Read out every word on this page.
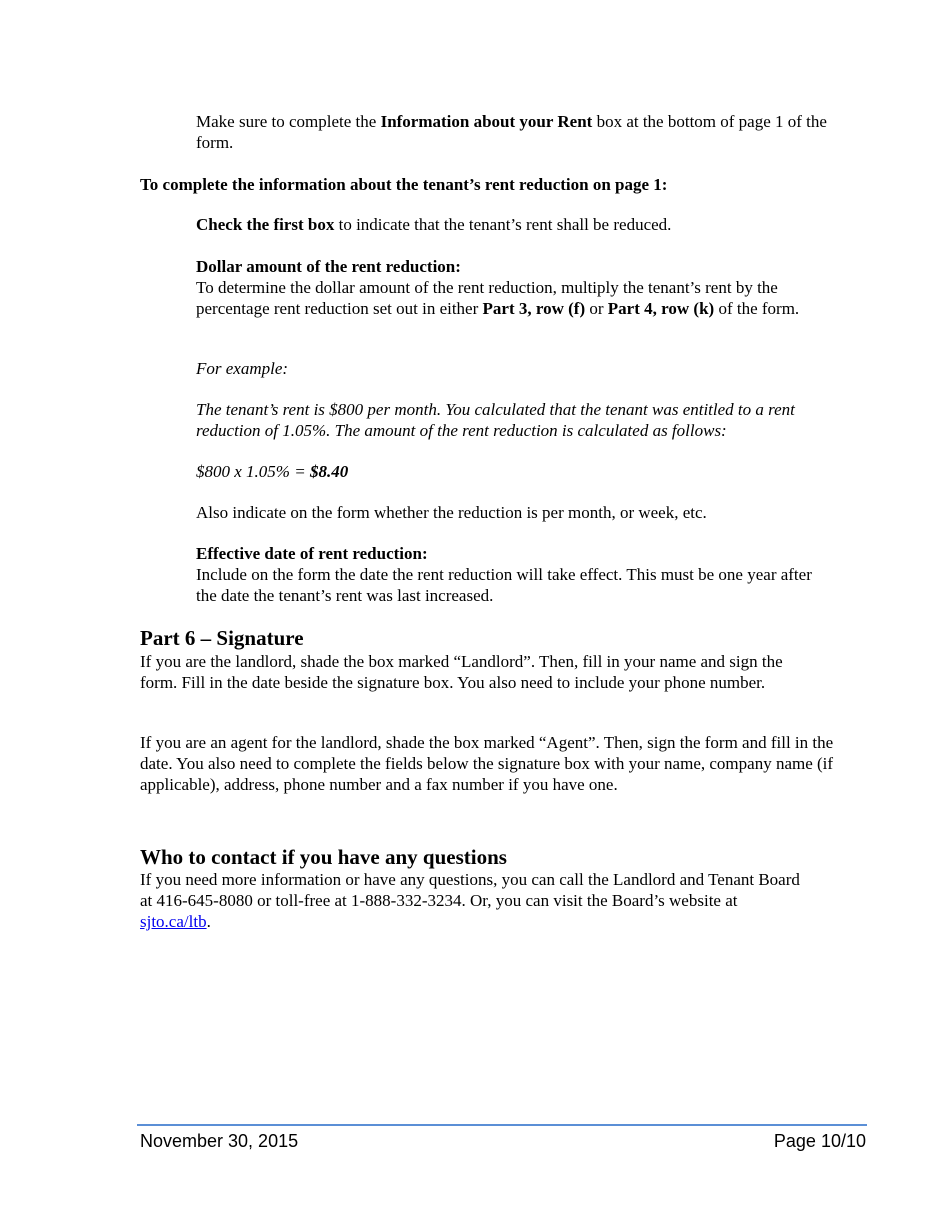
Make sure to complete the Information about your Rent box at the bottom of page 1 of the form.

To complete the information about the tenant’s rent reduction on page 1:

Check the first box to indicate that the tenant’s rent shall be reduced.

Dollar amount of the rent reduction:

To determine the dollar amount of the rent reduction, multiply the tenant’s rent by the percentage rent reduction set out in either Part 3, row (f) or Part 4, row (k) of the form.

For example:

The tenant’s rent is $800 per month. You calculated that the tenant was entitled to a rent reduction of 1.05%. The amount of the rent reduction is calculated as follows:

$800 x 1.05% = $8.40

Also indicate on the form whether the reduction is per month, or week, etc.

Effective date of rent reduction:

Include on the form the date the rent reduction will take effect. This must be one year after the date the tenant’s rent was last increased.

Part 6 – Signature

If you are the landlord, shade the box marked “Landlord”. Then, fill in your name and sign the form. Fill in the date beside the signature box. You also need to include your phone number.

If you are an agent for the landlord, shade the box marked “Agent”. Then, sign the form and fill in the date. You also need to complete the fields below the signature box with your name, company name (if applicable), address, phone number and a fax number if you have one.

Who to contact if you have any questions

If you need more information or have any questions, you can call the Landlord and Tenant Board at 416-645-8080 or toll-free at 1-888-332-3234. Or, you can visit the Board’s website at sjto.ca/ltb.

November 30, 2015	Page 10/10
